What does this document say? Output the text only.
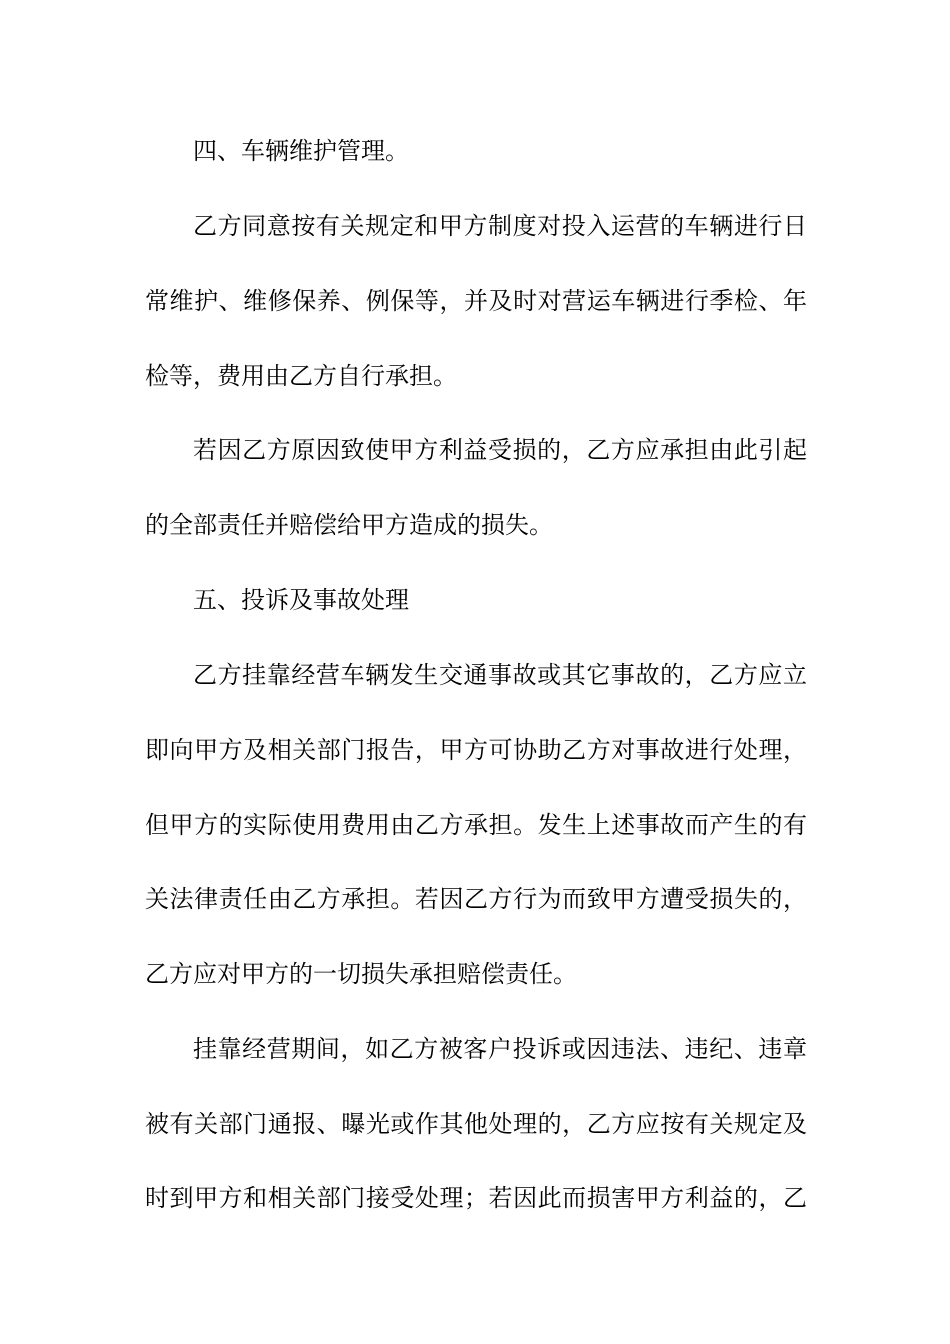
四、车辆维护管理。
乙方同意按有关规定和甲方制度对投入运营的车辆进行日
常维护、维修保养、例保等，并及时对营运车辆进行季检、年
检等，费用由乙方自行承担。
若因乙方原因致使甲方利益受损的，乙方应承担由此引起
的全部责任并赔偿给甲方造成的损失。
五、投诉及事故处理
乙方挂靠经营车辆发生交通事故或其它事故的，乙方应立
即向甲方及相关部门报告，甲方可协助乙方对事故进行处理，
但甲方的实际使用费用由乙方承担。发生上述事故而产生的有
关法律责任由乙方承担。若因乙方行为而致甲方遭受损失的，
乙方应对甲方的一切损失承担赔偿责任。
挂靠经营期间，如乙方被客户投诉或因违法、违纪、违章
被有关部门通报、曝光或作其他处理的，乙方应按有关规定及
时到甲方和相关部门接受处理；若因此而损害甲方利益的，乙
